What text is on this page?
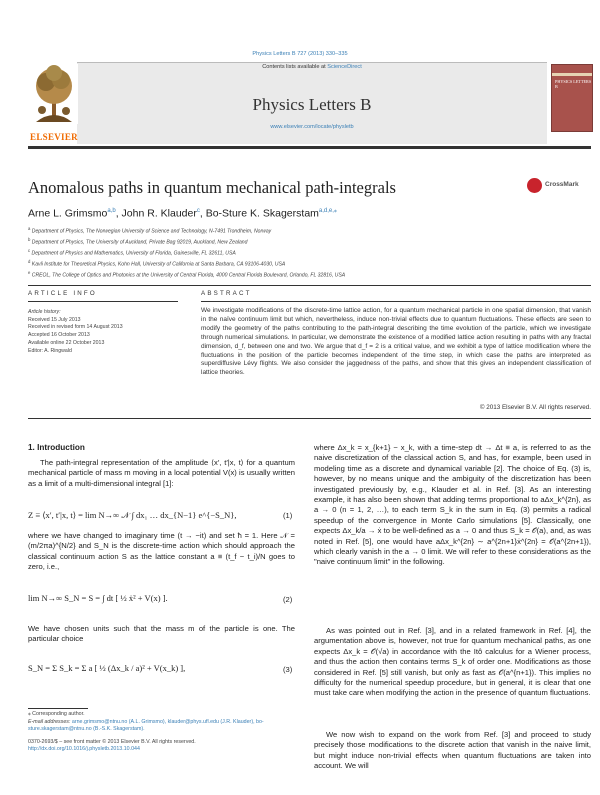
Physics Letters B 727 (2013) 330–335
Contents lists available at ScienceDirect
Physics Letters B
www.elsevier.com/locate/physletb
ELSEVIER
PHYSICS LETTERS B
Anomalous paths in quantum mechanical path-integrals	CrossMark
Arne L. Grimsmo$^{a,b}$, John R. Klauder$^c$, Bo-Sture K. Skagerstam$^{a,d,e,⁎}$
$^a$ Department of Physics, The Norwegian University of Science and Technology, N-7491 Trondheim, Norway
$^b$ Department of Physics, The University of Auckland, Private Bag 92019, Auckland, New Zealand
$^c$ Department of Physics and Mathematics, University of Florida, Gainesville, FL 32611, USA
$^d$ Kavli Institute for Theoretical Physics, Kohn Hall, University of California at Santa Barbara, CA 93106-4030, USA
$^e$ CREOL, The College of Optics and Photonics at the University of Central Florida, 4000 Central Florida Boulevard, Orlando, FL 32816, USA
ARTICLE INFO	ABSTRACT
Article history:
Received 15 July 2013
Received in revised form 14 August 2013
Accepted 16 October 2013
Available online 22 October 2013
Editor: A. Ringwald
We investigate modifications of the discrete-time lattice action, for a quantum mechanical particle in one spatial dimension, that vanish in the naïve continuum limit but which, nevertheless, induce non-trivial effects due to quantum fluctuations. These effects are seen to modify the geometry of the paths contributing to the path-integral describing the time evolution of the particle, which we investigate through numerical simulations. In particular, we demonstrate the existence of a modified lattice action resulting in paths with any fractal dimension, d_f, between one and two. We argue that d_f = 2 is a critical value, and we exhibit a type of lattice modification where the fluctuations in the position of the particle becomes independent of the time step, in which case the paths are interpreted as superdiffusive Lévy flights. We also consider the jaggedness of the paths, and show that this gives an independent classification of lattice theories.
© 2013 Elsevier B.V. All rights reserved.
1. Introduction
The path-integral representation of the amplitude ⟨x′, t′|x, t⟩ for a quantum mechanical particle of mass m moving in a local potential V(x) is usually written as a limit of a multi-dimensional integral [1]:
Z ≡ ⟨x′, t′|x, t⟩ = lim N→∞ 𝒩 ∫ dx₁ … dx_{N−1} e^{−S_N},	(1)
where we have changed to imaginary time (t → −it) and set ħ = 1. Here 𝒩 = (m/2πa)^{N/2} and S_N is the discrete-time action which should approach the classical continuum action S as the lattice constant a ≡ (t_f − t_i)/N goes to zero, i.e.,
lim N→∞ S_N = S = ∫ dt [ ½ ẋ² + V(x) ].	(2)
We have chosen units such that the mass m of the particle is one. The particular choice
S_N = Σ S_k = Σ a [ ½ (Δx_k / a)² + V(x_k) ],	(3)
⁎ Corresponding author.
E-mail addresses: arne.grimsmo@ntnu.no (A.L. Grimsmo), klauder@phys.ufl.edu (J.R. Klauder), bo-sture.skagerstam@ntnu.no (B.-S.K. Skagerstam).
0370-2693/$ – see front matter © 2013 Elsevier B.V. All rights reserved.
http://dx.doi.org/10.1016/j.physletb.2013.10.044
where Δx_k = x_{k+1} − x_k, with a time-step dt → Δt ≡ a, is referred to as the naive discretization of the classical action S, and has, for example, been used in modeling time as a discrete and dynamical variable [2]. The choice of Eq. (3) is, however, by no means unique and the ambiguity of the discretization has been investigated previously by, e.g., Klauder et al. in Ref. [3]. As an interesting example, it has also been shown that adding terms proportional to aΔx_k^{2n}, as a → 0 (n = 1, 2, …), to each term S_k in the sum in Eq. (3) permits a radical speedup of the convergence in Monte Carlo simulations [5]. Classically, one expects Δx_k/a → ẋ to be well-defined as a → 0 and thus S_k = 𝒪(a), and, as was noted in Ref. [5], one would have aΔx_k^{2n} ∼ a^{2n+1}ẋ^{2n} = 𝒪(a^{2n+1}), which clearly vanish in the a → 0 limit. We will refer to these considerations as the "naive continuum limit" in the following.
As was pointed out in Ref. [3], and in a related framework in Ref. [4], the argumentation above is, however, not true for quantum mechanical paths, as one expects Δx_k = 𝒪(√a) in accordance with the Itô calculus for a Wiener process, and thus the action then contains terms S_k of order one. Modifications as those considered in Ref. [5] still vanish, but only as fast as 𝒪(a^{n+1}). This implies no difficulty for the numerical speedup procedure, but in general, it is clear that one must take care when modifying the action in the presence of quantum fluctuations.
We now wish to expand on the work from Ref. [3] and proceed to study precisely those modifications to the discrete action that vanish in the naive limit, but might induce non-trivial effects when quantum fluctuations are taken into account. We will
